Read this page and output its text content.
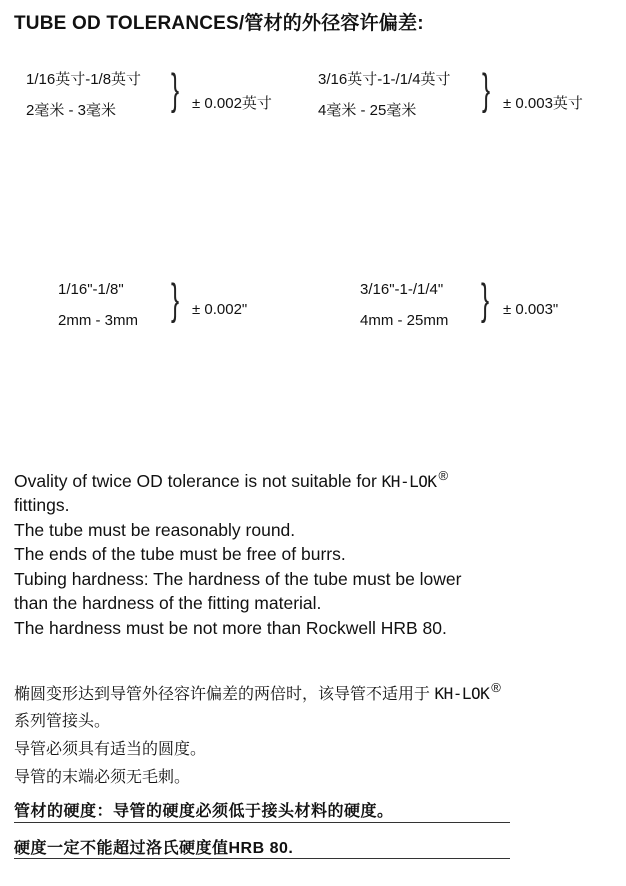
TUBE OD TOLERANCES/管材的外径容许偏差:
1/16英寸-1/8英寸
2毫米 - 3毫米 } ± 0.002英寸
3/16英寸-1-/1/4英寸
4毫米 - 25毫米 } ± 0.003英寸
1/16"-1/8"
2mm - 3mm } ± 0.002"
3/16"-1-/1/4"
4mm - 25mm } ± 0.003"
Ovality of twice OD tolerance is not suitable for KH-LOK ®
fittings.
The tube must be reasonably round.
The ends of the tube must be free of burrs.
Tubing hardness: The hardness of the tube must be lower
than the hardness of the fitting material.
The hardness must be not more than Rockwell HRB 80.
椭圆变形达到导管外径容许偏差的两倍时，该导管不适用于 KH-LOK ®
系列管接头。
导管必须具有适当的圆度。
导管的末端必须无毛刺。
管材的硬度：导管的硬度必须低于接头材料的硬度。
硬度一定不能超过洛氏硬度值HRB 80.
